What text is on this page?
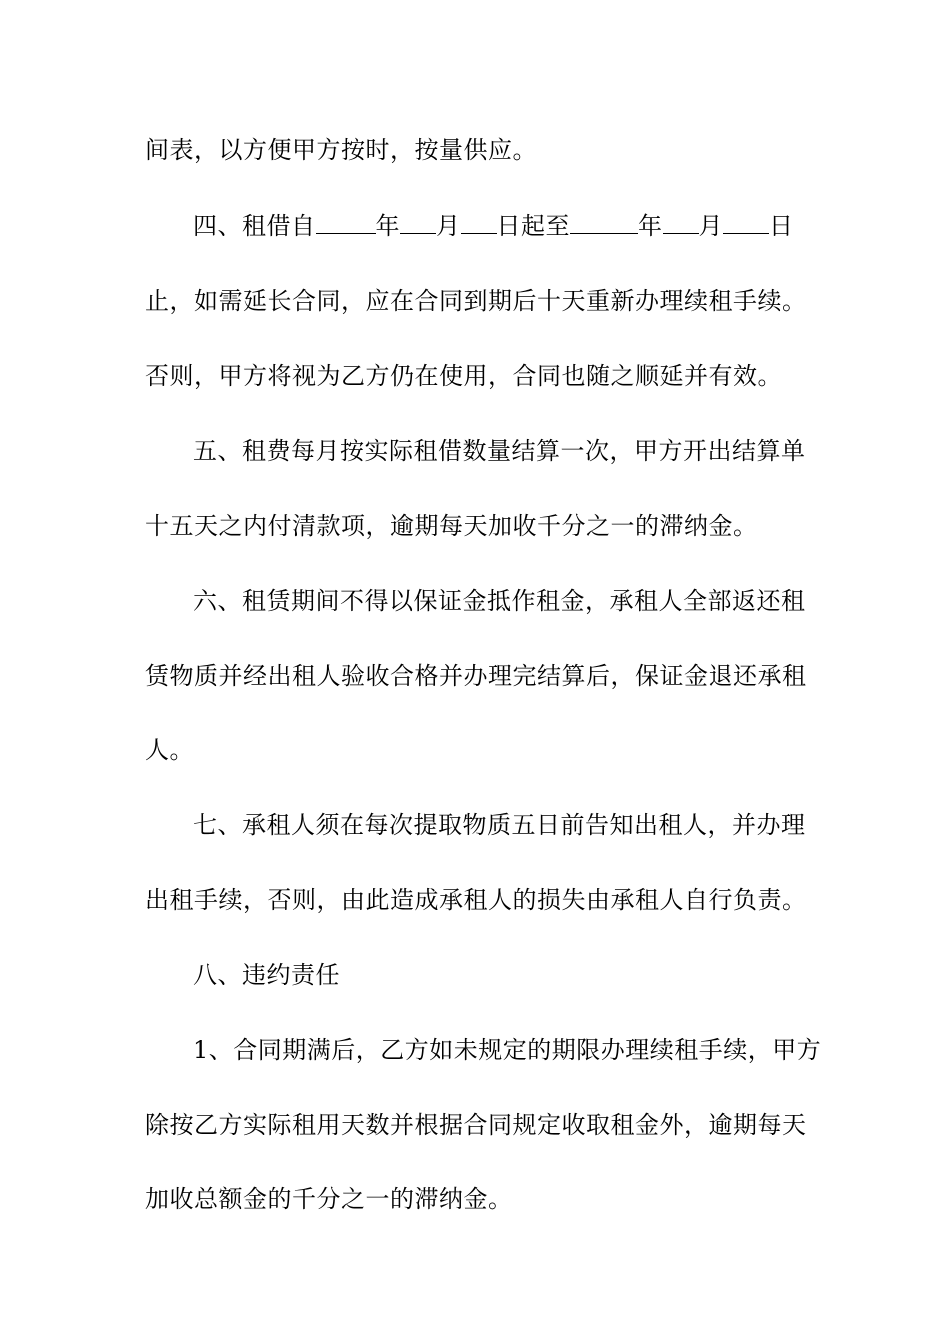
间表，以方便甲方按时，按量供应。
四、租借自	年 月 日起至	年 月 日
止，如需延长合同，应在合同到期后十天重新办理续租手续。
否则，甲方将视为乙方仍在使用，合同也随之顺延并有效。
五、租费每月按实际租借数量结算一次，甲方开出结算单
十五天之内付清款项，逾期每天加收千分之一的滞纳金。
六、租赁期间不得以保证金抵作租金，承租人全部返还租
赁物质并经出租人验收合格并办理完结算后，保证金退还承租
人。
七、承租人须在每次提取物质五日前告知出租人，并办理
出租手续，否则，由此造成承租人的损失由承租人自行负责。
八、违约责任
1、合同期满后，乙方如未规定的期限办理续租手续，甲方
除按乙方实际租用天数并根据合同规定收取租金外，逾期每天
加收总额金的千分之一的滞纳金。
